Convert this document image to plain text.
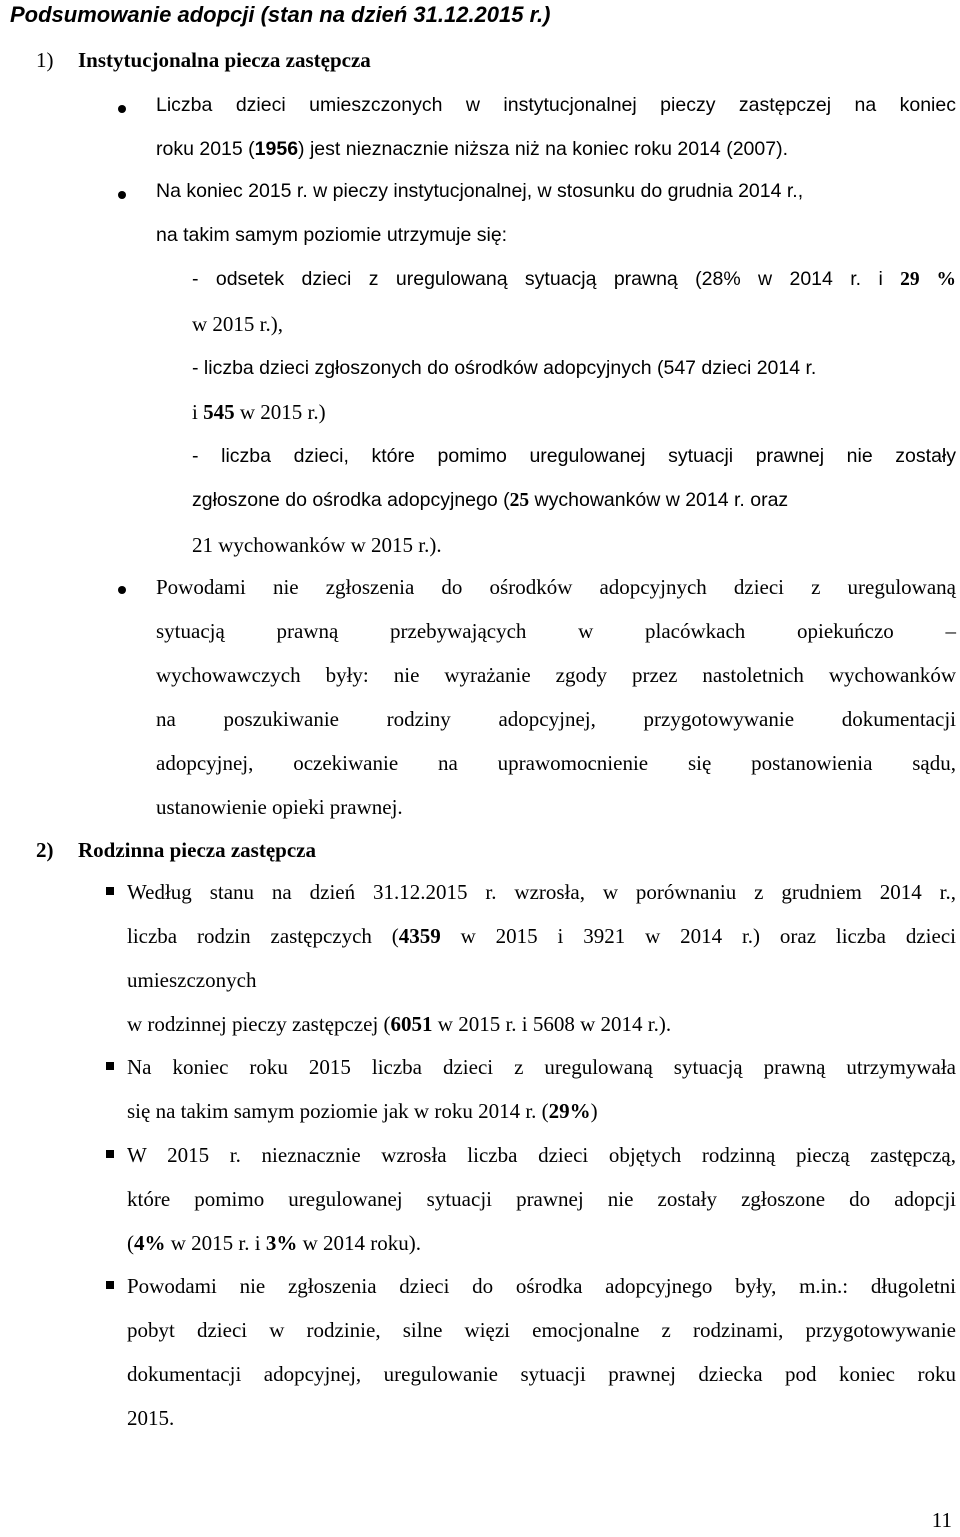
Podsumowanie adopcji (stan na dzień 31.12.2015 r.)
1) Instytucjonalna piecza zastępcza
Liczba dzieci umieszczonych w instytucjonalnej pieczy zastępczej na koniec
roku 2015 (1956) jest nieznacznie niższa niż na koniec roku 2014 (2007).
Na koniec 2015 r. w pieczy instytucjonalnej, w stosunku do grudnia 2014 r.,
na takim samym poziomie utrzymuje się:
- odsetek dzieci z uregulowaną sytuacją prawną (28% w 2014 r. i 29 %
w 2015 r.),
- liczba dzieci zgłoszonych do ośrodków adopcyjnych (547 dzieci 2014 r.
i 545 w 2015 r.)
- liczba dzieci, które pomimo uregulowanej sytuacji prawnej nie zostały
zgłoszone do ośrodka adopcyjnego (25 wychowanków w 2014 r. oraz
21 wychowanków w 2015 r.).
Powodami nie zgłoszenia do ośrodków adopcyjnych dzieci z uregulowaną
sytuacją prawną przebywających w placówkach opiekuńczo –
wychowawczych były: nie wyrażanie zgody przez nastoletnich wychowanków
na poszukiwanie rodziny adopcyjnej, przygotowywanie dokumentacji
adopcyjnej, oczekiwanie na uprawomocnienie się postanowienia sądu,
ustanowienie opieki prawnej.
2) Rodzinna piecza zastępcza
Według stanu na dzień 31.12.2015 r. wzrosła, w porównaniu z grudniem 2014 r.,
liczba rodzin zastępczych (4359 w 2015 i 3921 w 2014 r.) oraz liczba dzieci
umieszczonych
w rodzinnej pieczy zastępczej (6051 w 2015 r. i 5608 w 2014 r.).
Na koniec roku 2015 liczba dzieci z uregulowaną sytuacją prawną utrzymywała
się na takim samym poziomie jak w roku 2014 r. (29%)
W 2015 r. nieznacznie wzrosła liczba dzieci objętych rodzinną pieczą zastępczą,
które pomimo uregulowanej sytuacji prawnej nie zostały zgłoszone do adopcji
(4% w 2015 r. i 3% w 2014 roku).
Powodami nie zgłoszenia dzieci do ośrodka adopcyjnego były, m.in.: długoletni
pobyt dzieci w rodzinie, silne więzi emocjonalne z rodzinami, przygotowywanie
dokumentacji adopcyjnej, uregulowanie sytuacji prawnej dziecka pod koniec roku
2015.
11
